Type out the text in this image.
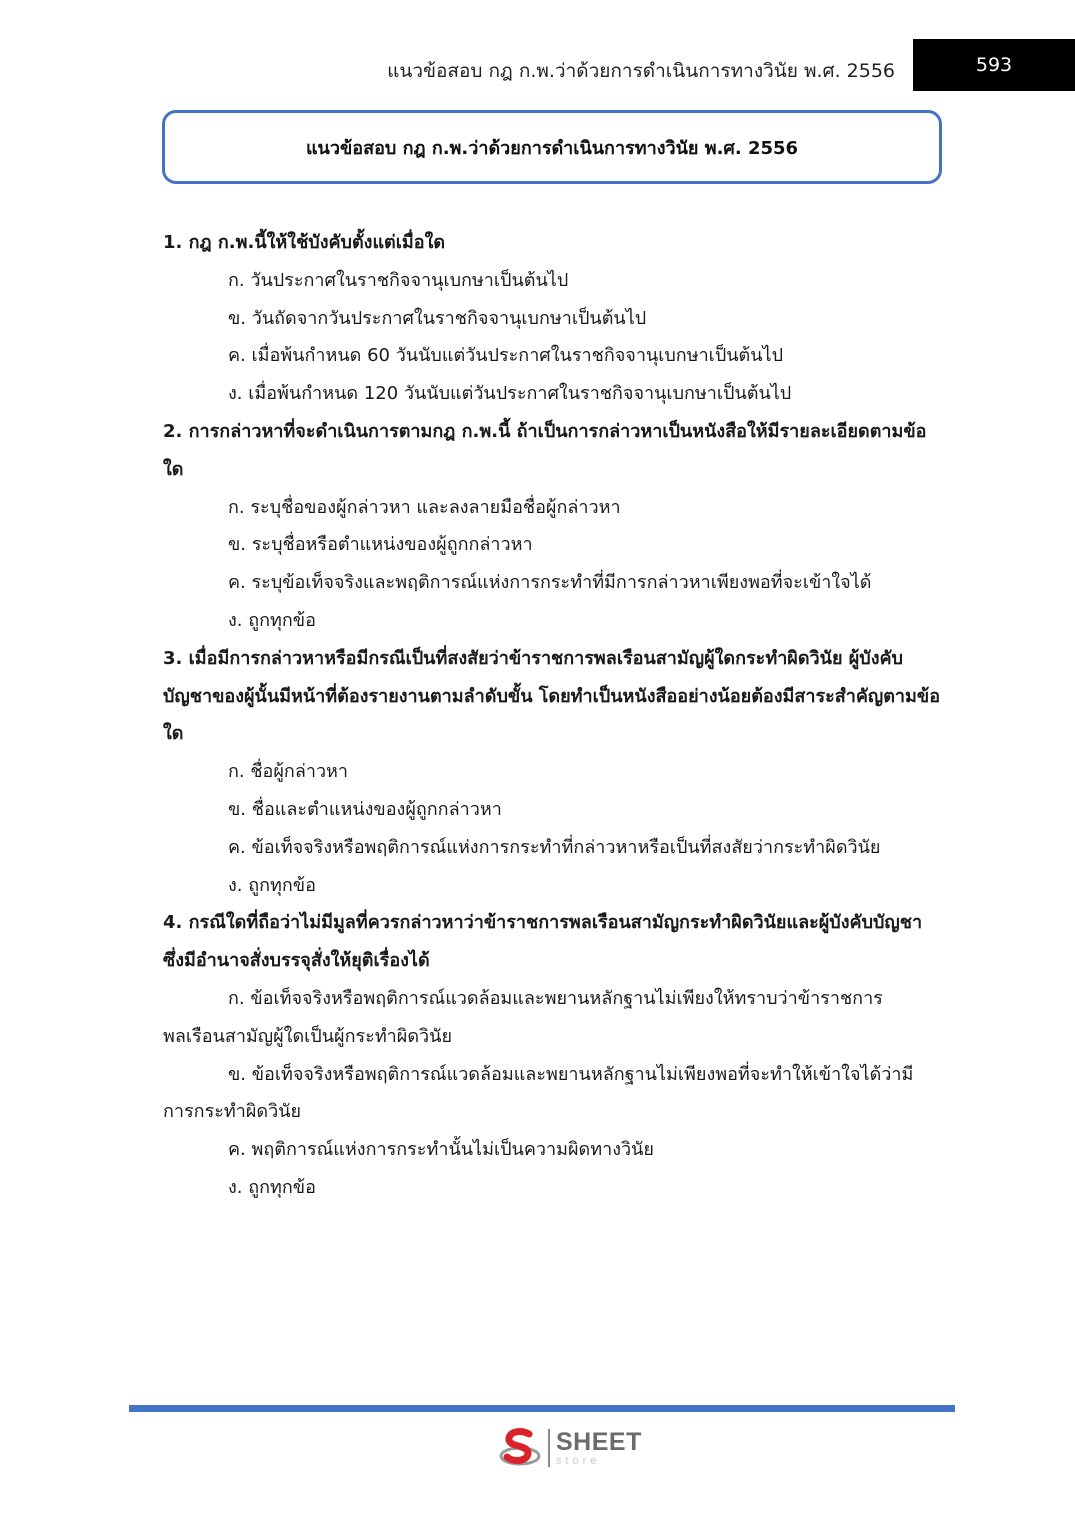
แนวข้อสอบ กฎ ก.พ.ว่าด้วยการดำเนินการทางวินัย พ.ศ. 2556	593
แนวข้อสอบ กฎ ก.พ.ว่าด้วยการดำเนินการทางวินัย พ.ศ. 2556

1. กฎ ก.พ.นี้ให้ใช้บังคับตั้งแต่เมื่อใด

ก. วันประกาศในราชกิจจานุเบกษาเป็นต้นไป

ข. วันถัดจากวันประกาศในราชกิจจานุเบกษาเป็นต้นไป

ค. เมื่อพ้นกำหนด 60 วันนับแต่วันประกาศในราชกิจจานุเบกษาเป็นต้นไป

ง. เมื่อพ้นกำหนด 120 วันนับแต่วันประกาศในราชกิจจานุเบกษาเป็นต้นไป

2. การกล่าวหาที่จะดำเนินการตามกฎ ก.พ.นี้ ถ้าเป็นการกล่าวหาเป็นหนังสือให้มีรายละเอียดตามข้อใด

ก. ระบุชื่อของผู้กล่าวหา และลงลายมือชื่อผู้กล่าวหา

ข. ระบุชื่อหรือตำแหน่งของผู้ถูกกล่าวหา

ค. ระบุข้อเท็จจริงและพฤติการณ์แห่งการกระทำที่มีการกล่าวหาเพียงพอที่จะเข้าใจได้

ง. ถูกทุกข้อ

3. เมื่อมีการกล่าวหาหรือมีกรณีเป็นที่สงสัยว่าข้าราชการพลเรือนสามัญผู้ใดกระทำผิดวินัย ผู้บังคับบัญชาของผู้นั้นมีหน้าที่ต้องรายงานตามลำดับขั้น โดยทำเป็นหนังสืออย่างน้อยต้องมีสาระสำคัญตามข้อใด

ก. ชื่อผู้กล่าวหา

ข. ชื่อและตำแหน่งของผู้ถูกกล่าวหา

ค. ข้อเท็จจริงหรือพฤติการณ์แห่งการกระทำที่กล่าวหาหรือเป็นที่สงสัยว่ากระทำผิดวินัย

ง. ถูกทุกข้อ

4. กรณีใดที่ถือว่าไม่มีมูลที่ควรกล่าวหาว่าข้าราชการพลเรือนสามัญกระทำผิดวินัยและผู้บังคับบัญชาซึ่งมีอำนาจสั่งบรรจุสั่งให้ยุติเรื่องได้

ก. ข้อเท็จจริงหรือพฤติการณ์แวดล้อมและพยานหลักฐานไม่เพียงให้ทราบว่าข้าราชการพลเรือนสามัญผู้ใดเป็นผู้กระทำผิดวินัย

ข. ข้อเท็จจริงหรือพฤติการณ์แวดล้อมและพยานหลักฐานไม่เพียงพอที่จะทำให้เข้าใจได้ว่ามีการกระทำผิดวินัย

ค. พฤติการณ์แห่งการกระทำนั้นไม่เป็นความผิดทางวินัย

ง. ถูกทุกข้อ

SHEET
store
